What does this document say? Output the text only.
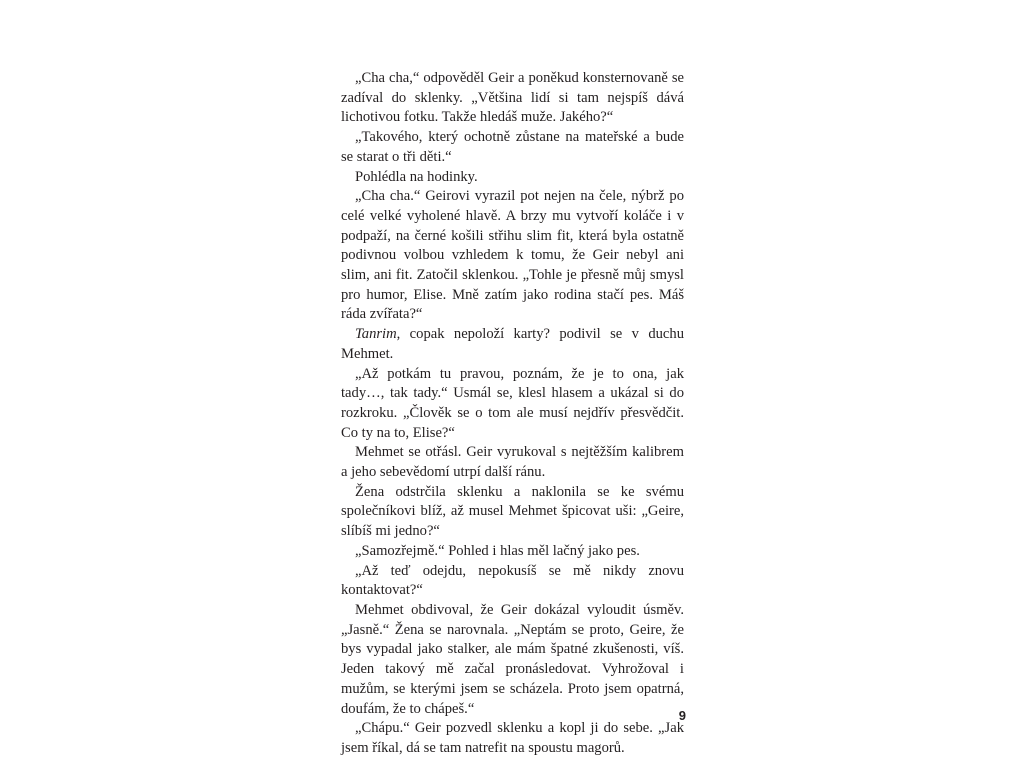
„Cha cha,“ odpověděl Geir a poněkud konsternovaně se zadíval do sklenky. „Většina lidí si tam nejspíš dává lichotivou fotku. Takže hledáš muže. Jakého?“

„Takového, který ochotně zůstane na mateřské a bude se starat o tři děti.“

Pohlédla na hodinky.

„Cha cha.“ Geirovi vyrazil pot nejen na čele, nýbrž po celé velké vyholené hlavě. A brzy mu vytvoří koláče i v podpaží, na černé košili střihu slim fit, která byla ostatně podivnou volbou vzhledem k tomu, že Geir nebyl ani slim, ani fit. Zatočil sklenkou. „Tohle je přesně můj smysl pro humor, Elise. Mně zatím jako rodina stačí pes. Máš ráda zvířata?“

Tanrim, copak nepoloží karty? podivil se v duchu Mehmet.

„Až potkám tu pravou, poznám, že je to ona, jak tady…, tak tady.“ Usmál se, klesl hlasem a ukázal si do rozkroku. „Člověk se o tom ale musí nejdřív přesvědčit. Co ty na to, Elise?“

Mehmet se otřásl. Geir vyrukoval s nejtěžším kalibrem a jeho sebevědomí utrpí další ránu.

Žena odstrčila sklenku a naklonila se ke svému společníkovi blíž, až musel Mehmet špicovat uši: „Geire, slíbíš mi jedno?“

„Samozřejmě.“ Pohled i hlas měl lačný jako pes.

„Až teď odejdu, nepokusíš se mě nikdy znovu kontaktovat?“

Mehmet obdivoval, že Geir dokázal vyloudit úsměv. „Jasně.“ Žena se narovnala. „Neptám se proto, Geire, že bys vypadal jako stalker, ale mám špatné zkušenosti, víš. Jeden takový mě začal pronásledovat. Vyhrožoval i mužům, se kterými jsem se scházela. Proto jsem opatrná, doufám, že to chápeš.“

„Chápu.“ Geir pozvedl sklenku a kopl ji do sebe. „Jak jsem říkal, dá se tam natrefit na spoustu magorů.

9
